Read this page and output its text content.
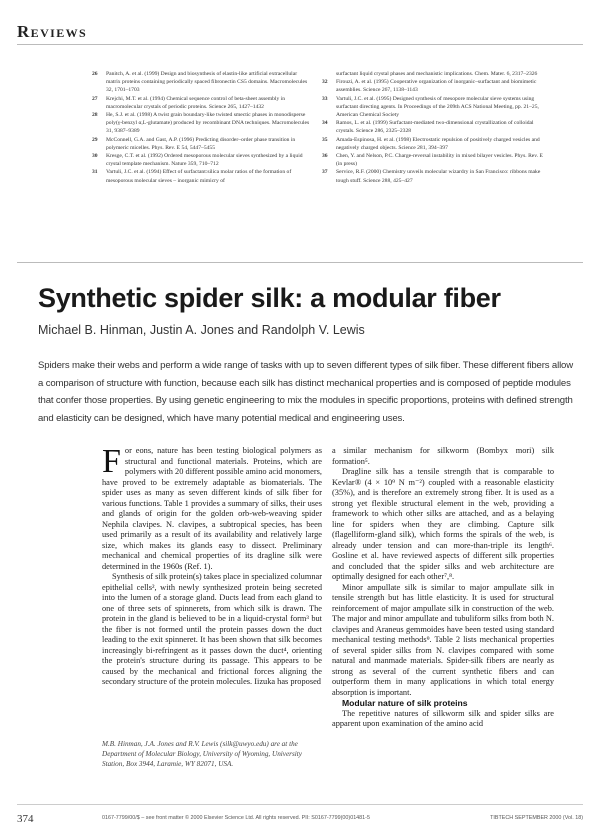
Reviews
26 Panitch, A. et al. (1999) Design and biosynthesis of elastin-like artificial extracellular matrix proteins containing periodically spaced fibronectin CS5 domains. Macromolecules 32, 1701–1703
27 Krejchi, M.T. et al. (1994) Chemical sequence control of beta-sheet assembly in macromolecular crystals of periodic proteins. Science 265, 1427–1432
28 He, S.J. et al. (1998) A twist grain boundary-like twisted smectic phases in monodisperse poly(γ-benzyl α,L-glutamate) produced by recombinant DNA techniques. Macromolecules 31, 9387–9389
29 McConnell, G.A. and Gast, A.P. (1996) Predicting disorder–order phase transition in polymeric micelles. Phys. Rev. E 54, 5447–5455
30 Kresge, C.T. et al. (1992) Ordered mesoporous molecular sieves synthesized by a liquid crystal template mechanism. Nature 359, 710–712
31 Vartuli, J.C. et al. (1994) Effect of surfactant:silica molar ratios of the formation of mesoporous molecular sieves – inorganic mimicry of
surfactant liquid crystal phases and mechanistic implications. Chem. Mater. 6, 2317–2326
32 Firouzi, A. et al. (1995) Cooperative organization of inorganic–surfactant and biomimetic assemblies. Science 267, 1138–1143
33 Vartuli, J.C. et al. (1995) Designed synthesis of mesopore molecular sieve systems using surfactant directing agents. In Proceedings of the 209th ACS National Meeting, pp. 21–25, American Chemical Society
34 Ramos, L. et al. (1999) Surfactant-mediated two-dimensional crystallization of colloidal crystals. Science 286, 2325–2328
35 Amada-Espinosa, H. et al. (1998) Electrostatic repulsion of positively charged vesicles and negatively charged objects. Science 281, 394–397
36 Chen, Y. and Nelson, P.C. Charge-reversal instability in mixed bilayer vesicles. Phys. Rev. E (in press)
37 Service, R.F. (2000) Chemistry unveils molecular wizardry in San Francisco: ribbons make tough stuff. Science 288, 425–427
Synthetic spider silk: a modular fiber
Michael B. Hinman, Justin A. Jones and Randolph V. Lewis
Spiders make their webs and perform a wide range of tasks with up to seven different types of silk fiber. These different fibers allow a comparison of structure with function, because each silk has distinct mechanical properties and is composed of peptide modules that confer those properties. By using genetic engineering to mix the modules in specific proportions, proteins with defined strength and elasticity can be designed, which have many potential medical and engineering uses.

For eons, nature has been testing biological polymers as structural and functional materials. Proteins, which are polymers with 20 different possible amino acid monomers, have proved to be extremely adaptable as biomaterials. The spider uses as many as seven different kinds of silk fiber for various functions. Table 1 provides a summary of silks, their uses and glands of origin for the golden orb-web-weaving spider Nephila clavipes. N. clavipes, a subtropical species, has been used primarily as a result of its availability and relatively large size, which makes its glands easy to dissect. Preliminary mechanical and chemical properties of its dragline silk were determined in the 1960s (Ref. 1).

Synthesis of silk protein(s) takes place in specialized columnar epithelial cells², with newly synthesized protein being secreted into the lumen of a storage gland. Ducts lead from each gland to one of three sets of spinnerets, from which silk is drawn. The protein in the gland is believed to be in a liquid-crystal form³ but the fiber is not formed until the protein passes down the duct leading to the exit spinneret. It has been shown that silk becomes increasingly bi-refringent as it passes down the duct⁴, orienting the protein's structure during its passage. This appears to be caused by the mechanical and frictional forces aligning the secondary structure of the protein molecules. Iizuka has proposed

M.B. Hinman, J.A. Jones and R.V. Lewis (silk@uwyo.edu) are at the Department of Molecular Biology, University of Wyoming, University Station, Box 3944, Laramie, WY 82071, USA.

a similar mechanism for silkworm (Bombyx mori) silk formation⁵.

Dragline silk has a tensile strength that is comparable to Kevlar® (4 × 10⁹ N m⁻²) coupled with a reasonable elasticity (35%), and is therefore an extremely strong fiber. It is used as a strong yet flexible structural element in the web, providing a framework to which other silks are attached, and as a belaying line for spiders when they are climbing. Capture silk (flagelliform-gland silk), which forms the spirals of the web, is already under tension and can more-than-triple its length⁶. Gosline et al. have reviewed aspects of different silk properties and concluded that the spider silks and web architecture are optimally designed for each other⁷,⁸.

Minor ampullate silk is similar to major ampullate silk in tensile strength but has little elasticity. It is used for structural reinforcement of major ampullate silk in construction of the web. The major and minor ampullate and tubuliform silks from both N. clavipes and Araneus gemmoides have been tested using standard mechanical testing methods⁹. Table 2 lists mechanical properties of several spider silks from N. clavipes compared with some natural and manmade materials. Spider-silk fibers are nearly as strong as several of the current synthetic fibers and can outperform them in many applications in which total energy absorption is important.

Modular nature of silk proteins

The repetitive natures of silkworm silk and spider silks are apparent upon examination of the amino acid

374	0167-7799/00/$ – see front matter © 2000 Elsevier Science Ltd. All rights reserved. PII: S0167-7799(00)01481-5	TIBTECH SEPTEMBER 2000 (Vol. 18)
